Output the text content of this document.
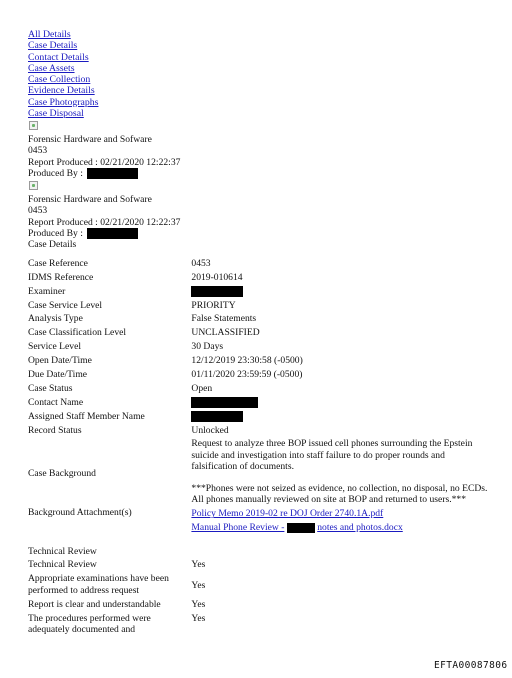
All Details
Case Details
Contact Details
Case Assets
Case Collection
Evidence Details
Case Photographs
Case Disposal
Forensic Hardware and Sofware
0453
Report Produced : 02/21/2020 12:22:37
Produced By :
Forensic Hardware and Sofware
0453
Report Produced : 02/21/2020 12:22:37
Produced By :
Case Details
Case Reference	0453
IDMS Reference	2019-010614
Examiner	
Case Service Level	PRIORITY
Analysis Type	False Statements
Case Classification Level	UNCLASSIFIED
Service Level	30 Days
Open Date/Time	12/12/2019 23:30:58 (-0500)
Due Date/Time	01/11/2020 23:59:59 (-0500)
Case Status	Open
Contact Name	
Assigned Staff Member Name	
Record Status	Unlocked
Case Background	Request to analyze three BOP issued cell phones surrounding the Epstein suicide and investigation into staff failure to do proper rounds and falsification of documents.
***Phones were not seized as evidence, no collection, no disposal, no ECDs. All phones manually reviewed on site at BOP and returned to users.***

Background Attachment(s)	Policy Memo 2019-02 re DOJ Order 2740.1A.pdf
Manual Phone Review - notes and photos.docx

Technical Review	
Technical Review	Yes
Appropriate examinations have been performed to address request	Yes
Report is clear and understandable	Yes
The procedures performed were adequately documented and	Yes
EFTA00087806
